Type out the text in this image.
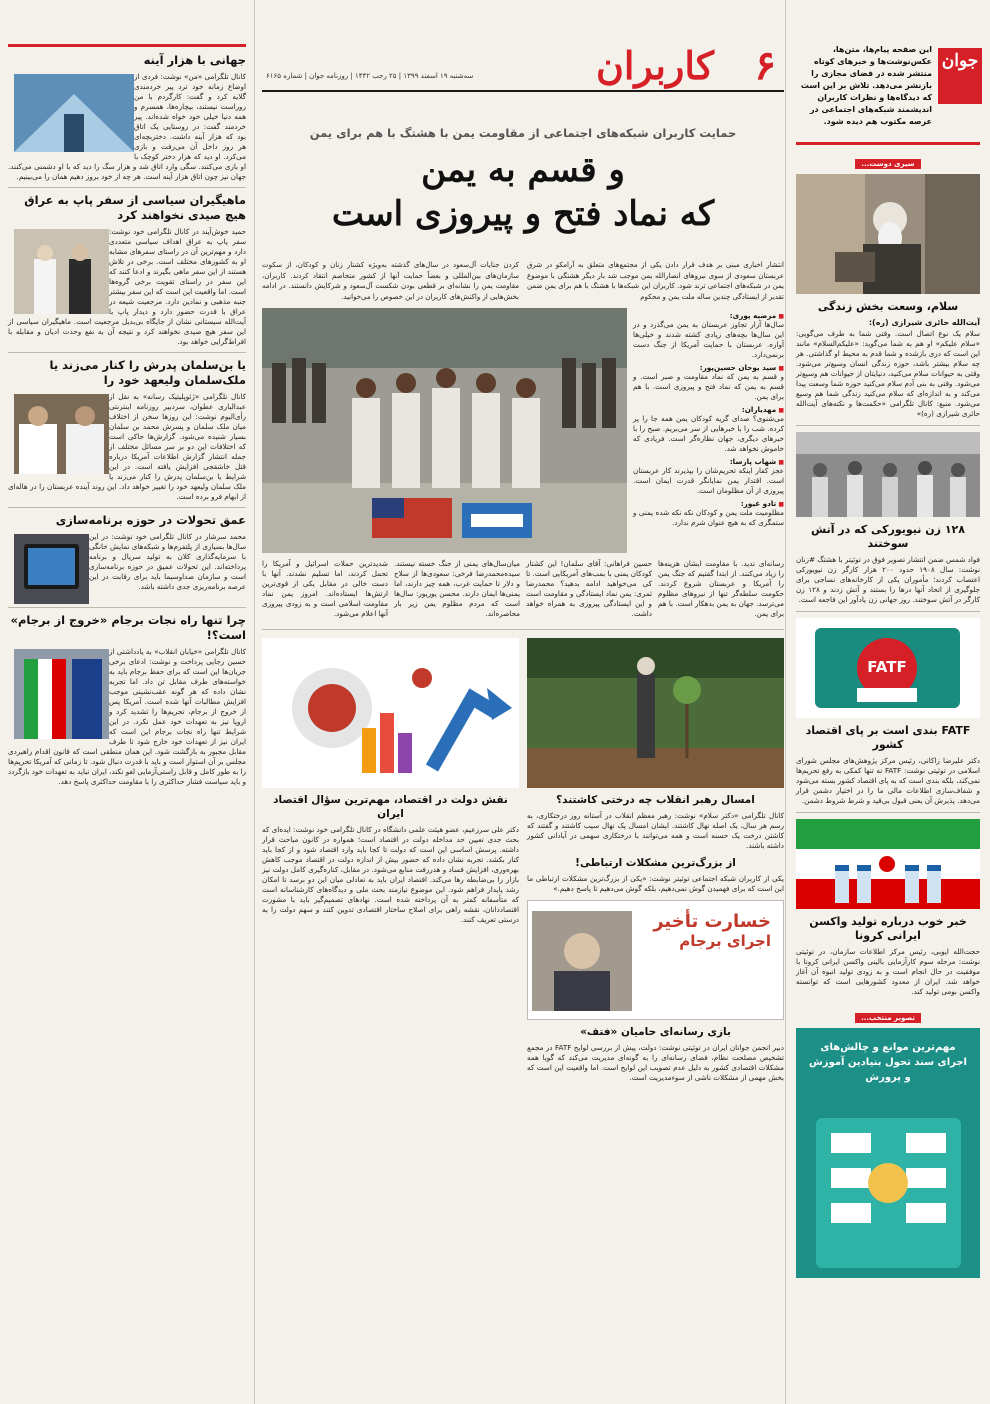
جوان

این صفحه پیام‌ها، متن‌ها، عکس‌نوشت‌ها و خبرهای کوتاه منتشر شده در فضای مجازی را بازنشر می‌دهد. تلاش بر این است که دیدگاه‌ها و نظرات کاربران اندیشمند شبکه‌های اجتماعی در عرصه مکتوب هم دیده شود.

سیری دوست...
سلام، وسعت بخش زندگی

آیت‌الله حائری شیرازی (ره):

سلام یک نوع اتصال است. وقتی شما به طرف می‌گویی: «سلام علیکم» او هم به شما می‌گوید: «علیکم‌السلام» مانند این است که دری بازشده و شما قدم به محیط او گذاشتی. هر چه سلام بیشتر باشد، حوزه زندگی انسان وسیع‌تر می‌شود. وقتی به حیوانات سلام می‌کنید، دنیایتان از حیوانات هم وسیع‌تر می‌شود. وقتی به بنی آدم سلام می‌کنید حوزه شما وسعت پیدا می‌کند و به اندازه‌ای که سلام می‌کنید زندگی شما هم وسیع می‌شود. منبع: کانال تلگرامی «حکمت‌ها و نکته‌های آیت‌الله حائری شیرازی (ره)»

۱۲۸ زن نیویورکی که در آتش سوختند

فواد شمس ضمن انتشار تصویر فوق در توئیتر با هشتگ #زنان نوشت: سال ۱۹۰۸ حدود ۲۰۰ هزار کارگر زن نیویورکی اعتصاب کردند؛ مأموران یکی از کارخانه‌های نساجی برای جلوگیری از اتحاد آنها درها را بستند و آتش زدند و ۱۲۸ زن کارگر در آتش سوختند. روز جهانی زن یادآور این فاجعه است.

FATF
FATF بندی است بر پای اقتصاد کشور

دکتر علیرضا زاکانی، رئیس مرکز پژوهش‌های مجلس شورای اسلامی در توئیتی نوشت: FATF نه تنها کمکی به رفع تحریم‌ها نمی‌کند، بلکه بندی است که به پای اقتصاد کشور بسته می‌شود و شفاف‌سازی اطلاعات مالی ما را در اختیار دشمن قرار می‌دهد. پذیرش آن یعنی قبول بی‌قید و شرط شروط دشمن.

خبر خوب درباره تولید واکسن ایرانی کرونا

حجت‌الله ایوبی، رئیس مرکز اطلاعات سازمان، در توئیتی نوشت: مرحله سوم کارآزمایی بالینی واکسن ایرانی کرونا با موفقیت در حال انجام است و به زودی تولید انبوه آن آغاز خواهد شد. ایران از معدود کشورهایی است که توانسته واکسن بومی تولید کند.

تصویر منتخب...
مهم‌ترین موانع و چالش‌های اجرای سند تحول بنیادین آموزش و پرورش
۶
کاربران
سه‌شنبه ۱۹ اسفند ۱۳۹۹ | ۲۵ رجب ۱۴۴۲ | روزنامه جوان | شماره ۶۱۶۵
حمایت کاربران شبکه‌های اجتماعی از مقاومت یمن با هشتگ با هم برای یمن
و قسم به یمن
که نماد فتح و پیروزی است

انتشار اخباری مبنی بر هدف قرار دادن یکی از مجتمع‌های متعلق به آرامکو در شرق عربستان سعودی از سوی نیروهای انصارالله یمن موجب شد بار دیگر هشتگی با موضوع یمن در شبکه‌های اجتماعی ترند شود. کاربران این شبکه‌ها با هشتگ با هم برای یمن ضمن تقدیر از ایستادگی چندین ساله ملت یمن و محکوم

کردن جنایات آل‌سعود در سال‌های گذشته به‌ویژه کشتار زنان و کودکان، از سکوت سازمان‌های بین‌المللی و بعضاً حمایت آنها از کشور متخاصم انتقاد کردند. کاربران، مقاومت یمن را نشانه‌ای بر قطعی بودن شکست آل‌سعود و شرکایش دانستند. در ادامه بخش‌هایی از واکنش‌های کاربران در این خصوص را می‌خوانید.

■ مرضیه پوری:

سال‌ها آزار تجاوز عربستان به یمن می‌گذرد و در این سال‌ها بچه‌های زیادی کشته شدند و خیلی‌ها آواره. عربستان با حمایت آمریکا از جنگ دست برنمی‌دارد.

■ سید یوحان حسین‌پور:

و قسم به یمن که نماد مقاومت و صبر است. و قسم به یمن که نماد فتح و پیروزی است. با هم برای یمن.

■ مهدیاران:

می‌شنوی؟ صدای گریه کودکان یمن همه جا را پر کرده. شب را با خبرهایی از سر می‌بریم. صبح را با خبرهای دیگری، جهان نظاره‌گر است. فریادی که خاموش نخواهد شد.

■ شهاب پارسا:

عجز کفار اینکه تحریم‌شان را بپذیرند کار عربستان است. اقتدار یمن نمایانگر قدرت ایمان است. پیروزی از آن مظلومان است.

■ تادو غیور:

مظلومیت ملت یمن و کودکان نکه نکه شده یمنی و ستمگری که به هیچ عنوان شرم ندارد.

رسانه‌ای ندید. با مقاومت ایشان هزینه‌ها را زیاد می‌کنند. از ابتدا گفتیم که جنگ یمن را آمریکا و عربستان شروع کردند. حکومت سلطه‌گر تنها از نیروهای مظلوم می‌ترسد. جهان به یمن بدهکار است. با هم برای یمن.

حسین فراهانی: آقای سلمان! این کشتار کودکان یمنی با بمب‌های آمریکایی است. تا کی می‌خواهید ادامه بدهید؟ محمدرضا ثمری: یمن نماد ایستادگی و مقاومت است و این ایستادگی پیروزی به همراه خواهد داشت.

میان‌سال‌های یمنی از جنگ خسته نیستند. سیده‌محمدرضا فرخی: سعودی‌ها از سلاح و دلار تا حمایت غرب، همه چیز دارند، اما یمنی‌ها ایمان دارند. محسن پوریور: سال‌ها است که مردم مظلوم یمن زیر بار محاصره‌اند.

شدیدترین حملات اسرائیل و آمریکا را تحمل کردند، اما تسلیم نشدند. آنها با دست خالی در مقابل یکی از قوی‌ترین ارتش‌ها ایستاده‌اند. امروز یمن نماد مقاومت اسلامی است و به زودی پیروزی آنها اعلام می‌شود.

امسال رهبر انقلاب چه درختی کاشتند؟

کانال تلگرامی «دکتر سلام» نوشت: رهبر معظم انقلاب در آستانه روز درختکاری، به رسم هر سال، یک اصله نهال کاشتند. ایشان امسال یک نهال سیب کاشتند و گفتند که کاشتن درخت یک حسنه است و همه می‌توانند با درختکاری سهمی در آبادانی کشور داشته باشند.

از بزرگ‌ترین مشکلات ارتباطی!

یکی از کاربران شبکه اجتماعی توئیتر نوشت: «یکی از بزرگ‌ترین مشکلات ارتباطی ما این است که برای فهمیدن گوش نمی‌دهیم، بلکه گوش می‌دهیم تا پاسخ دهیم.»

خسارت تأخیر
اجرای برجام
بازی رسانه‌ای حامیان «فتف»

دبیر انجمن جوانان ایران در توئیتی نوشت: دولت، پیش از بررسی لوایح FATF در مجمع تشخیص مصلحت نظام، فضای رسانه‌ای را به گونه‌ای مدیریت می‌کند که گویا همه مشکلات اقتصادی کشور به دلیل عدم تصویب این لوایح است. اما واقعیت این است که بخش مهمی از مشکلات ناشی از سوءمدیریت است.

نقش دولت در اقتصاد، مهم‌ترین سؤال اقتصاد ایران

دکتر علی سرزعیم، عضو هیئت علمی دانشگاه در کانال تلگرامی خود نوشت: ایده‌ای که بحث جدی تعیین حد مداخله دولت در اقتصاد است؛ همواره در کانون مباحث قرار داشته. پرسش اساسی این است که دولت تا کجا باید وارد اقتصاد شود و از کجا باید کنار بکشد. تجربه نشان داده که حضور بیش از اندازه دولت در اقتصاد موجب کاهش بهره‌وری، افزایش فساد و هدررفت منابع می‌شود. در مقابل، کناره‌گیری کامل دولت نیز بازار را بی‌ضابطه رها می‌کند. اقتصاد ایران باید به تعادلی میان این دو برسد تا امکان رشد پایدار فراهم شود. این موضوع نیازمند بحث ملی و دیدگاه‌های کارشناسانه است که متأسفانه کمتر به آن پرداخته شده است. نهادهای تصمیم‌گیر باید با مشورت اقتصاددانان، نقشه راهی برای اصلاح ساختار اقتصادی تدوین کنند و سهم دولت را به درستی تعریف کنند.

جهانی با هزار آینه

کانال تلگرامی «من» نوشت: فردی از اوضاع زمانه خود ترد پیر خردمندی گلایه کرد و گفت: کارگردم با من روراست نیستند، بیچاره‌ها، همسرم و همه دنیا خیلی خود خواه شده‌اند. پیر خردمند گفت: در روستایی یک اتاق بود که هزار آینه داشت. دختربچه‌ای هر روز داخل آن می‌رفت و بازی می‌کرد. او دید که هزار دختر کوچک با او بازی می‌کنند. سگی وارد اتاق شد و هزار سگ را دید که با او دشمنی می‌کنند. جهان نیز چون اتاق هزار آینه است. هر چه از خود بروز دهیم همان را می‌بینیم.

ماهیگیران سیاسی از سفر پاپ به عراق هیچ صیدی نخواهند کرد

حمید خوش‌آیند در کانال تلگرامی خود نوشت: سفر پاپ به عراق اهداف سیاسی متعددی دارد و مهم‌ترین آن در راستای سفرهای مشابه او به کشورهای مختلف است. برخی در تلاش هستند از این سفر ماهی بگیرند و ادعا کنند که این سفر در راستای تقویت برخی گروه‌ها است. اما واقعیت این است که این سفر بیشتر جنبه مذهبی و نمادین دارد. مرجعیت شیعه در عراق با قدرت حضور دارد و دیدار پاپ با آیت‌الله سیستانی نشان از جایگاه بی‌بدیل مرجعیت است. ماهیگیران سیاسی از این سفر هیچ صیدی نخواهند کرد و نتیجه آن به نفع وحدت ادیان و مقابله با افراط‌گرایی خواهد بود.

یا بن‌سلمان پدرش را کنار می‌زند یا ملک‌سلمان ولیعهد خود را

کانال تلگرامی «ژئوپلیتیک رسانه» به نقل از عبدالباری عطوان، سردبیر روزنامه اینترنتی رأی‌الیوم نوشت: این روزها سخن از اختلاف میان ملک سلمان و پسرش محمد بن سلمان بسیار شنیده می‌شود. گزارش‌ها حاکی است که اختلافات این دو بر سر مسائل مختلف از جمله انتشار گزارش اطلاعات آمریکا درباره قتل خاشقجی افزایش یافته است. در این شرایط یا بن‌سلمان پدرش را کنار می‌زند یا ملک سلمان ولیعهد خود را تغییر خواهد داد. این روند آینده عربستان را در هاله‌ای از ابهام فرو برده است.

عمق تحولات در حوزه برنامه‌سازی

محمد سرشار در کانال تلگرامی خود نوشت: در این سال‌ها بسیاری از پلتفرم‌ها و شبکه‌های نمایش خانگی با سرمایه‌گذاری کلان به تولید سریال و برنامه پرداخته‌اند. این تحولات عمیق در حوزه برنامه‌سازی است و سازمان صداوسیما باید برای رقابت در این عرصه برنامه‌ریزی جدی داشته باشد.

چرا تنها راه نجات برجام «خروج از برجام» است؟!

کانال تلگرامی «خیابان انقلاب» به یادداشتی از حسین رجایی پرداخت و نوشت: ادعای برخی جریان‌ها این است که برای حفظ برجام باید به خواسته‌های طرف مقابل تن داد. اما تجربه نشان داده که هر گونه عقب‌نشینی موجب افزایش مطالبات آنها شده است. آمریکا پس از خروج از برجام، تحریم‌ها را تشدید کرد و اروپا نیز به تعهدات خود عمل نکرد. در این شرایط تنها راه نجات برجام این است که ایران نیز از تعهدات خود خارج شود تا طرف مقابل مجبور به بازگشت شود. این همان منطقی است که قانون اقدام راهبردی مجلس بر آن استوار است و باید با قدرت دنبال شود. تا زمانی که آمریکا تحریم‌ها را به طور کامل و قابل راستی‌آزمایی لغو نکند، ایران نباید به تعهدات خود بازگردد و باید سیاست فشار حداکثری را با مقاومت حداکثری پاسخ دهد.
